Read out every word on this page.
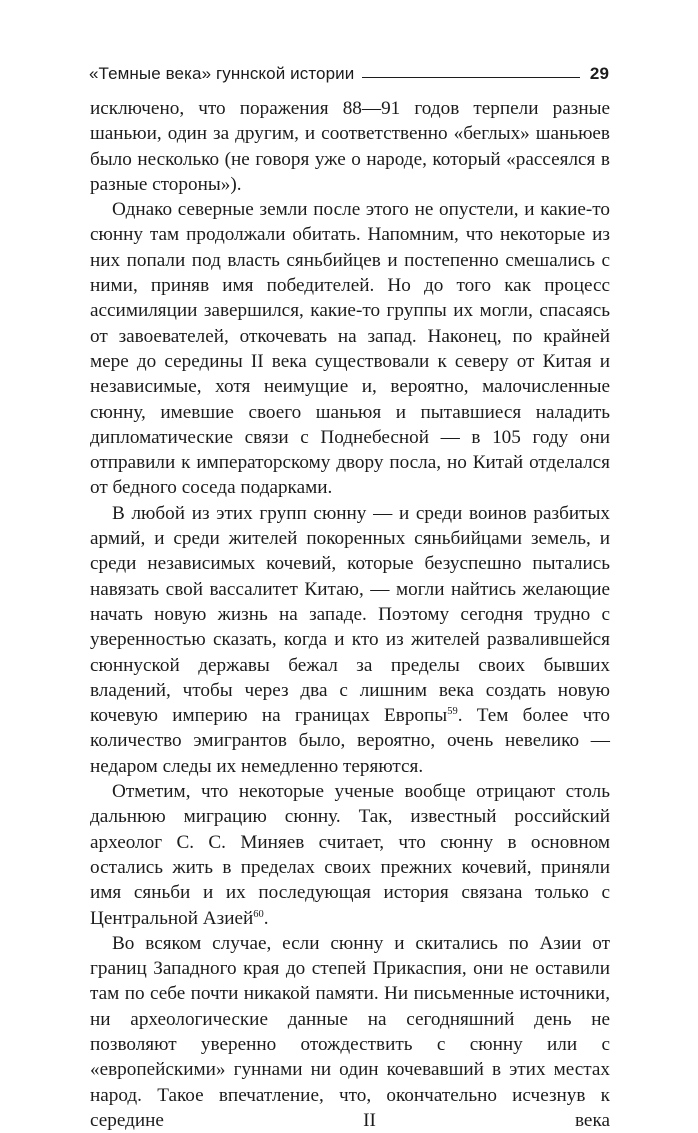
«Темные века» гуннской истории	29

исключено, что поражения 88—91 годов терпели разные шаньюи, один за другим, и соответственно «беглых» шаньюев было несколько (не говоря уже о народе, который «рассеялся в разные стороны»).

Однако северные земли после этого не опустели, и какие-то сюнну там продолжали обитать. Напомним, что некоторые из них попали под власть сяньбийцев и постепенно смешались с ними, приняв имя победителей. Но до того как процесс ассимиляции завершился, какие-то группы их могли, спасаясь от завоевателей, откочевать на запад. Наконец, по крайней мере до середины II века существовали к северу от Китая и независимые, хотя неимущие и, вероятно, малочисленные сюнну, имевшие своего шаньюя и пытавшиеся наладить дипломатические связи с Поднебесной — в 105 году они отправили к императорскому двору посла, но Китай отделался от бедного соседа подарками.

В любой из этих групп сюнну — и среди воинов разбитых армий, и среди жителей покоренных сяньбийцами земель, и среди независимых кочевий, которые безуспешно пытались навязать свой вассалитет Китаю, — могли найтись желающие начать новую жизнь на западе. Поэтому сегодня трудно с уверенностью сказать, когда и кто из жителей развалившейся сюннуской державы бежал за пределы своих бывших владений, чтобы через два с лишним века создать новую кочевую империю на границах Европы$^{59}$. Тем более что количество эмигрантов было, вероятно, очень невелико — недаром следы их немедленно теряются.

Отметим, что некоторые ученые вообще отрицают столь дальнюю миграцию сюнну. Так, известный российский археолог С. С. Миняев считает, что сюнну в основном остались жить в пределах своих прежних кочевий, приняли имя сяньби и их последующая история связана только с Центральной Азией$^{60}$.

Во всяком случае, если сюнну и скитались по Азии от границ Западного края до степей Прикаспия, они не оставили там по себе почти никакой памяти. Ни письменные источники, ни археологические данные на сегодняшний день не позволяют уверенно отождествить с сюнну или с «европейскими» гуннами ни один кочевавший в этих местах народ. Такое впечатление, что, окончательно исчезнув к середине II века
